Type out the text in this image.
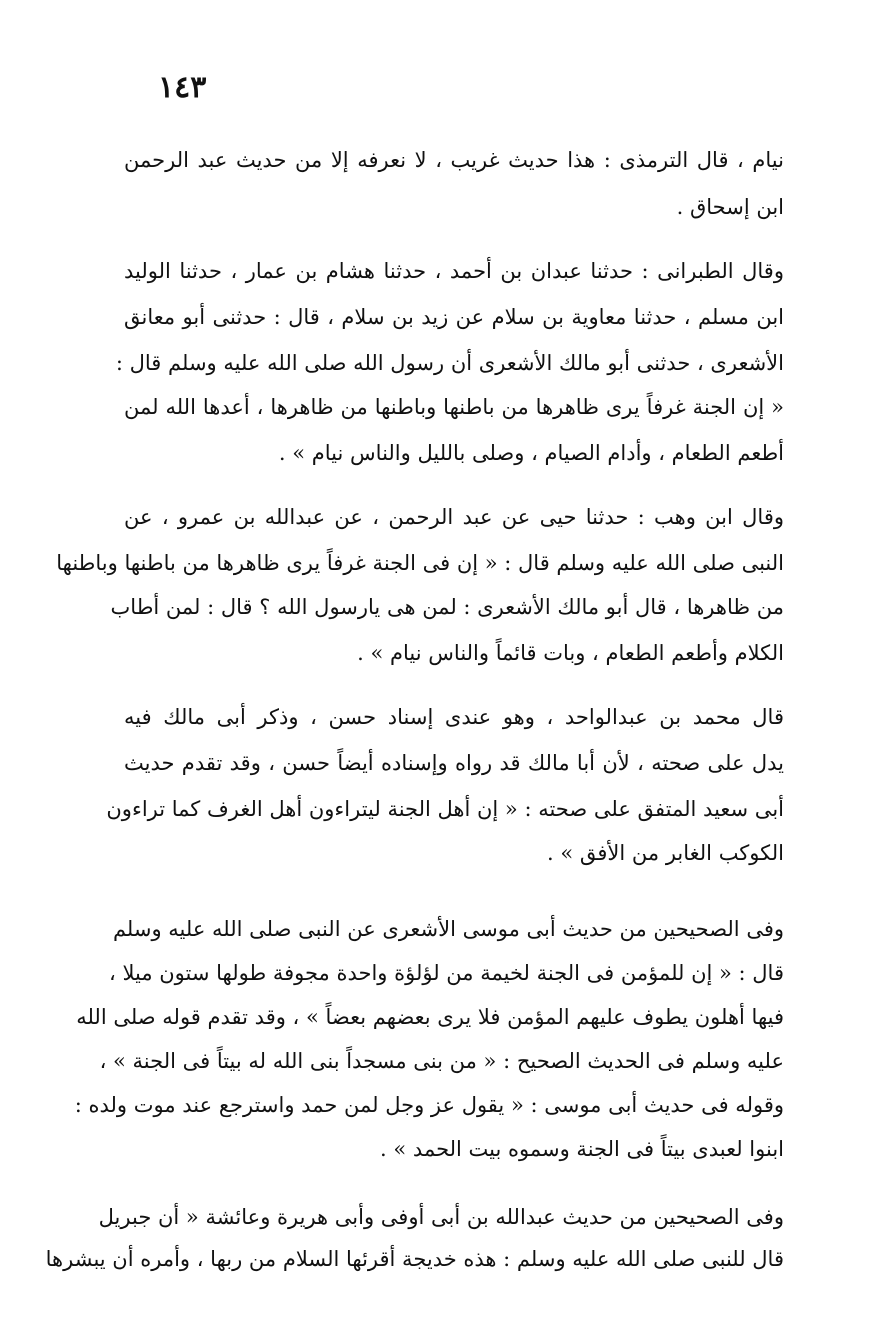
١٤٣
نيام ، قال الترمذى : هذا حديث غريب ، لا نعرفه إلا من حديث عبد الرحمن
ابن إسحاق .
وقال الطبرانى : حدثنا عبدان بن أحمد ، حدثنا هشام بن عمار ، حدثنا الوليد
ابن مسلم ، حدثنا معاوية بن سلام عن زيد بن سلام ، قال : حدثنى أبو معانق
الأشعرى ، حدثنى أبو مالك الأشعرى أن رسول الله صلى الله عليه وسلم قال :
« إن الجنة غرفاً يرى ظاهرها من باطنها وباطنها من ظاهرها ، أعدها الله لمن
أطعم الطعام ، وأدام الصيام ، وصلى بالليل والناس نيام » .
وقال ابن وهب : حدثنا حيى عن عبد الرحمن ، عن عبدالله بن عمرو ، عن
النبى صلى الله عليه وسلم قال : « إن فى الجنة غرفاً يرى ظاهرها من باطنها وباطنها
من ظاهرها ، قال أبو مالك الأشعرى : لمن هى يارسول الله ؟ قال : لمن أطاب
الكلام وأطعم الطعام ، وبات قائماً والناس نيام » .
قال محمد بن عبدالواحد ، وهو عندى إسناد حسن ، وذكر أبى مالك فيه
يدل على صحته ، لأن أبا مالك قد رواه وإسناده أيضاً حسن ، وقد تقدم حديث
أبى سعيد المتفق على صحته : « إن أهل الجنة ليتراءون أهل الغرف كما تراءون
الكوكب الغابر من الأفق » .
وفى الصحيحين من حديث أبى موسى الأشعرى عن النبى صلى الله عليه وسلم
قال : « إن للمؤمن فى الجنة لخيمة من لؤلؤة واحدة مجوفة طولها ستون ميلا ،
فيها أهلون يطوف عليهم المؤمن فلا يرى بعضهم بعضاً » ، وقد تقدم قوله صلى الله
عليه وسلم فى الحديث الصحيح : « من بنى مسجداً بنى الله له بيتاً فى الجنة » ،
وقوله فى حديث أبى موسى : « يقول عز وجل لمن حمد واسترجع عند موت ولده :
ابنوا لعبدى بيتاً فى الجنة وسموه بيت الحمد » .
وفى الصحيحين من حديث عبدالله بن أبى أوفى وأبى هريرة وعائشة « أن جبريل
قال للنبى صلى الله عليه وسلم : هذه خديجة أقرئها السلام من ربها ، وأمره أن يبشرها
